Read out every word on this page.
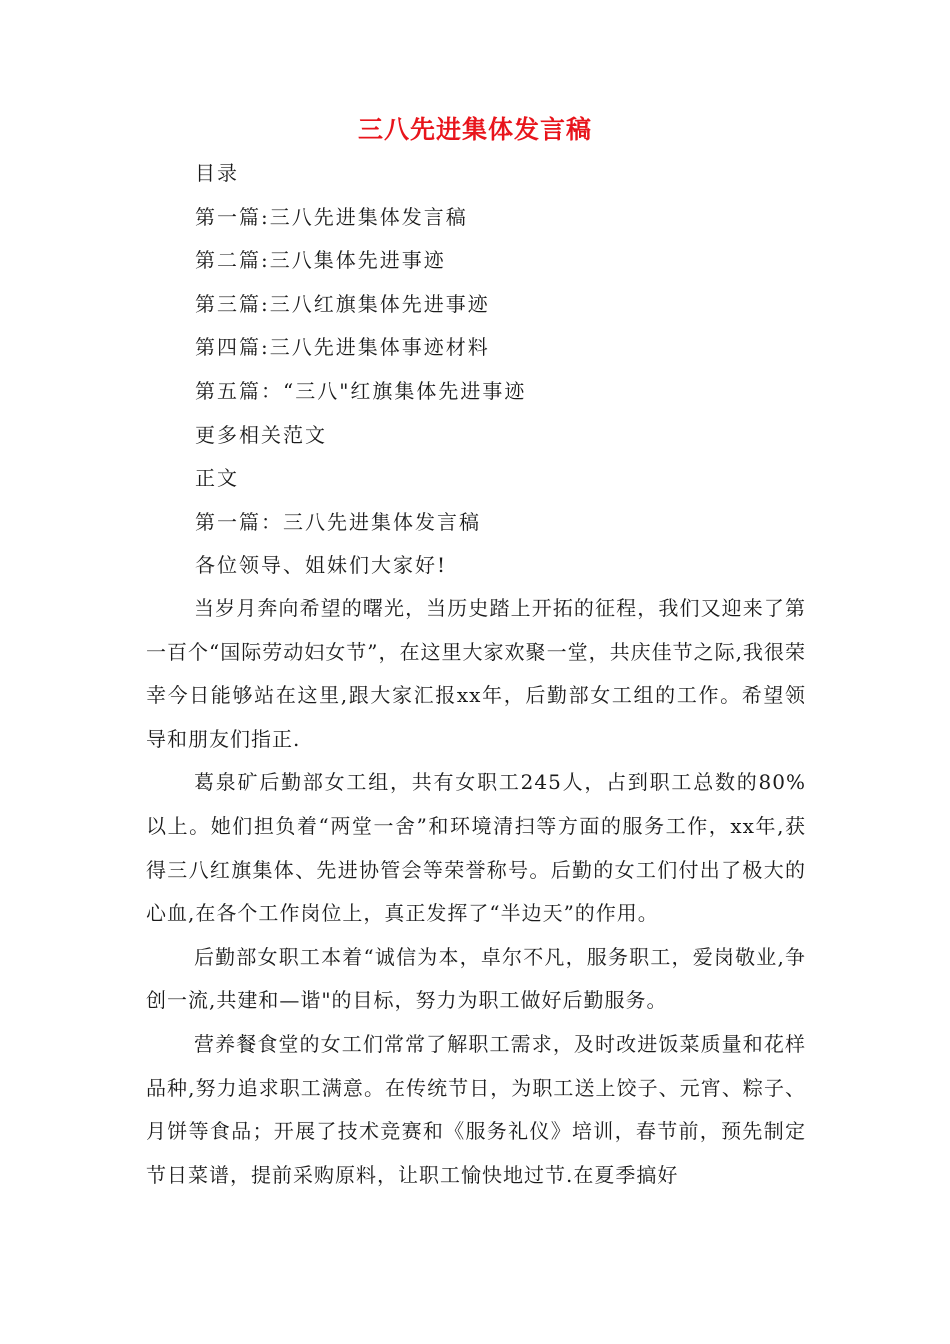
三八先进集体发言稿
目录
第一篇:三八先进集体发言稿
第二篇:三八集体先进事迹
第三篇:三八红旗集体先进事迹
第四篇:三八先进集体事迹材料
第五篇：“三八"红旗集体先进事迹
更多相关范文
正文
第一篇：三八先进集体发言稿
各位领导、姐妹们大家好!

当岁月奔向希望的曙光，当历史踏上开拓的征程，我们又迎来了第一百个“国际劳动妇女节”，在这里大家欢聚一堂，共庆佳节之际,我很荣幸今日能够站在这里,跟大家汇报xx年，后勤部女工组的工作。希望领导和朋友们指正.

葛泉矿后勤部女工组，共有女职工245人，占到职工总数的80%以上。她们担负着“两堂一舍”和环境清扫等方面的服务工作，xx年,获得三八红旗集体、先进协管会等荣誉称号。后勤的女工们付出了极大的心血,在各个工作岗位上，真正发挥了“半边天”的作用。

后勤部女职工本着“诚信为本，卓尔不凡，服务职工，爱岗敬业,争创一流,共建和—谐"的目标，努力为职工做好后勤服务。

营养餐食堂的女工们常常了解职工需求，及时改进饭菜质量和花样品种,努力追求职工满意。在传统节日，为职工送上饺子、元宵、粽子、月饼等食品；开展了技术竞赛和《服务礼仪》培训，春节前，预先制定节日菜谱，提前采购原料，让职工愉快地过节.在夏季搞好
